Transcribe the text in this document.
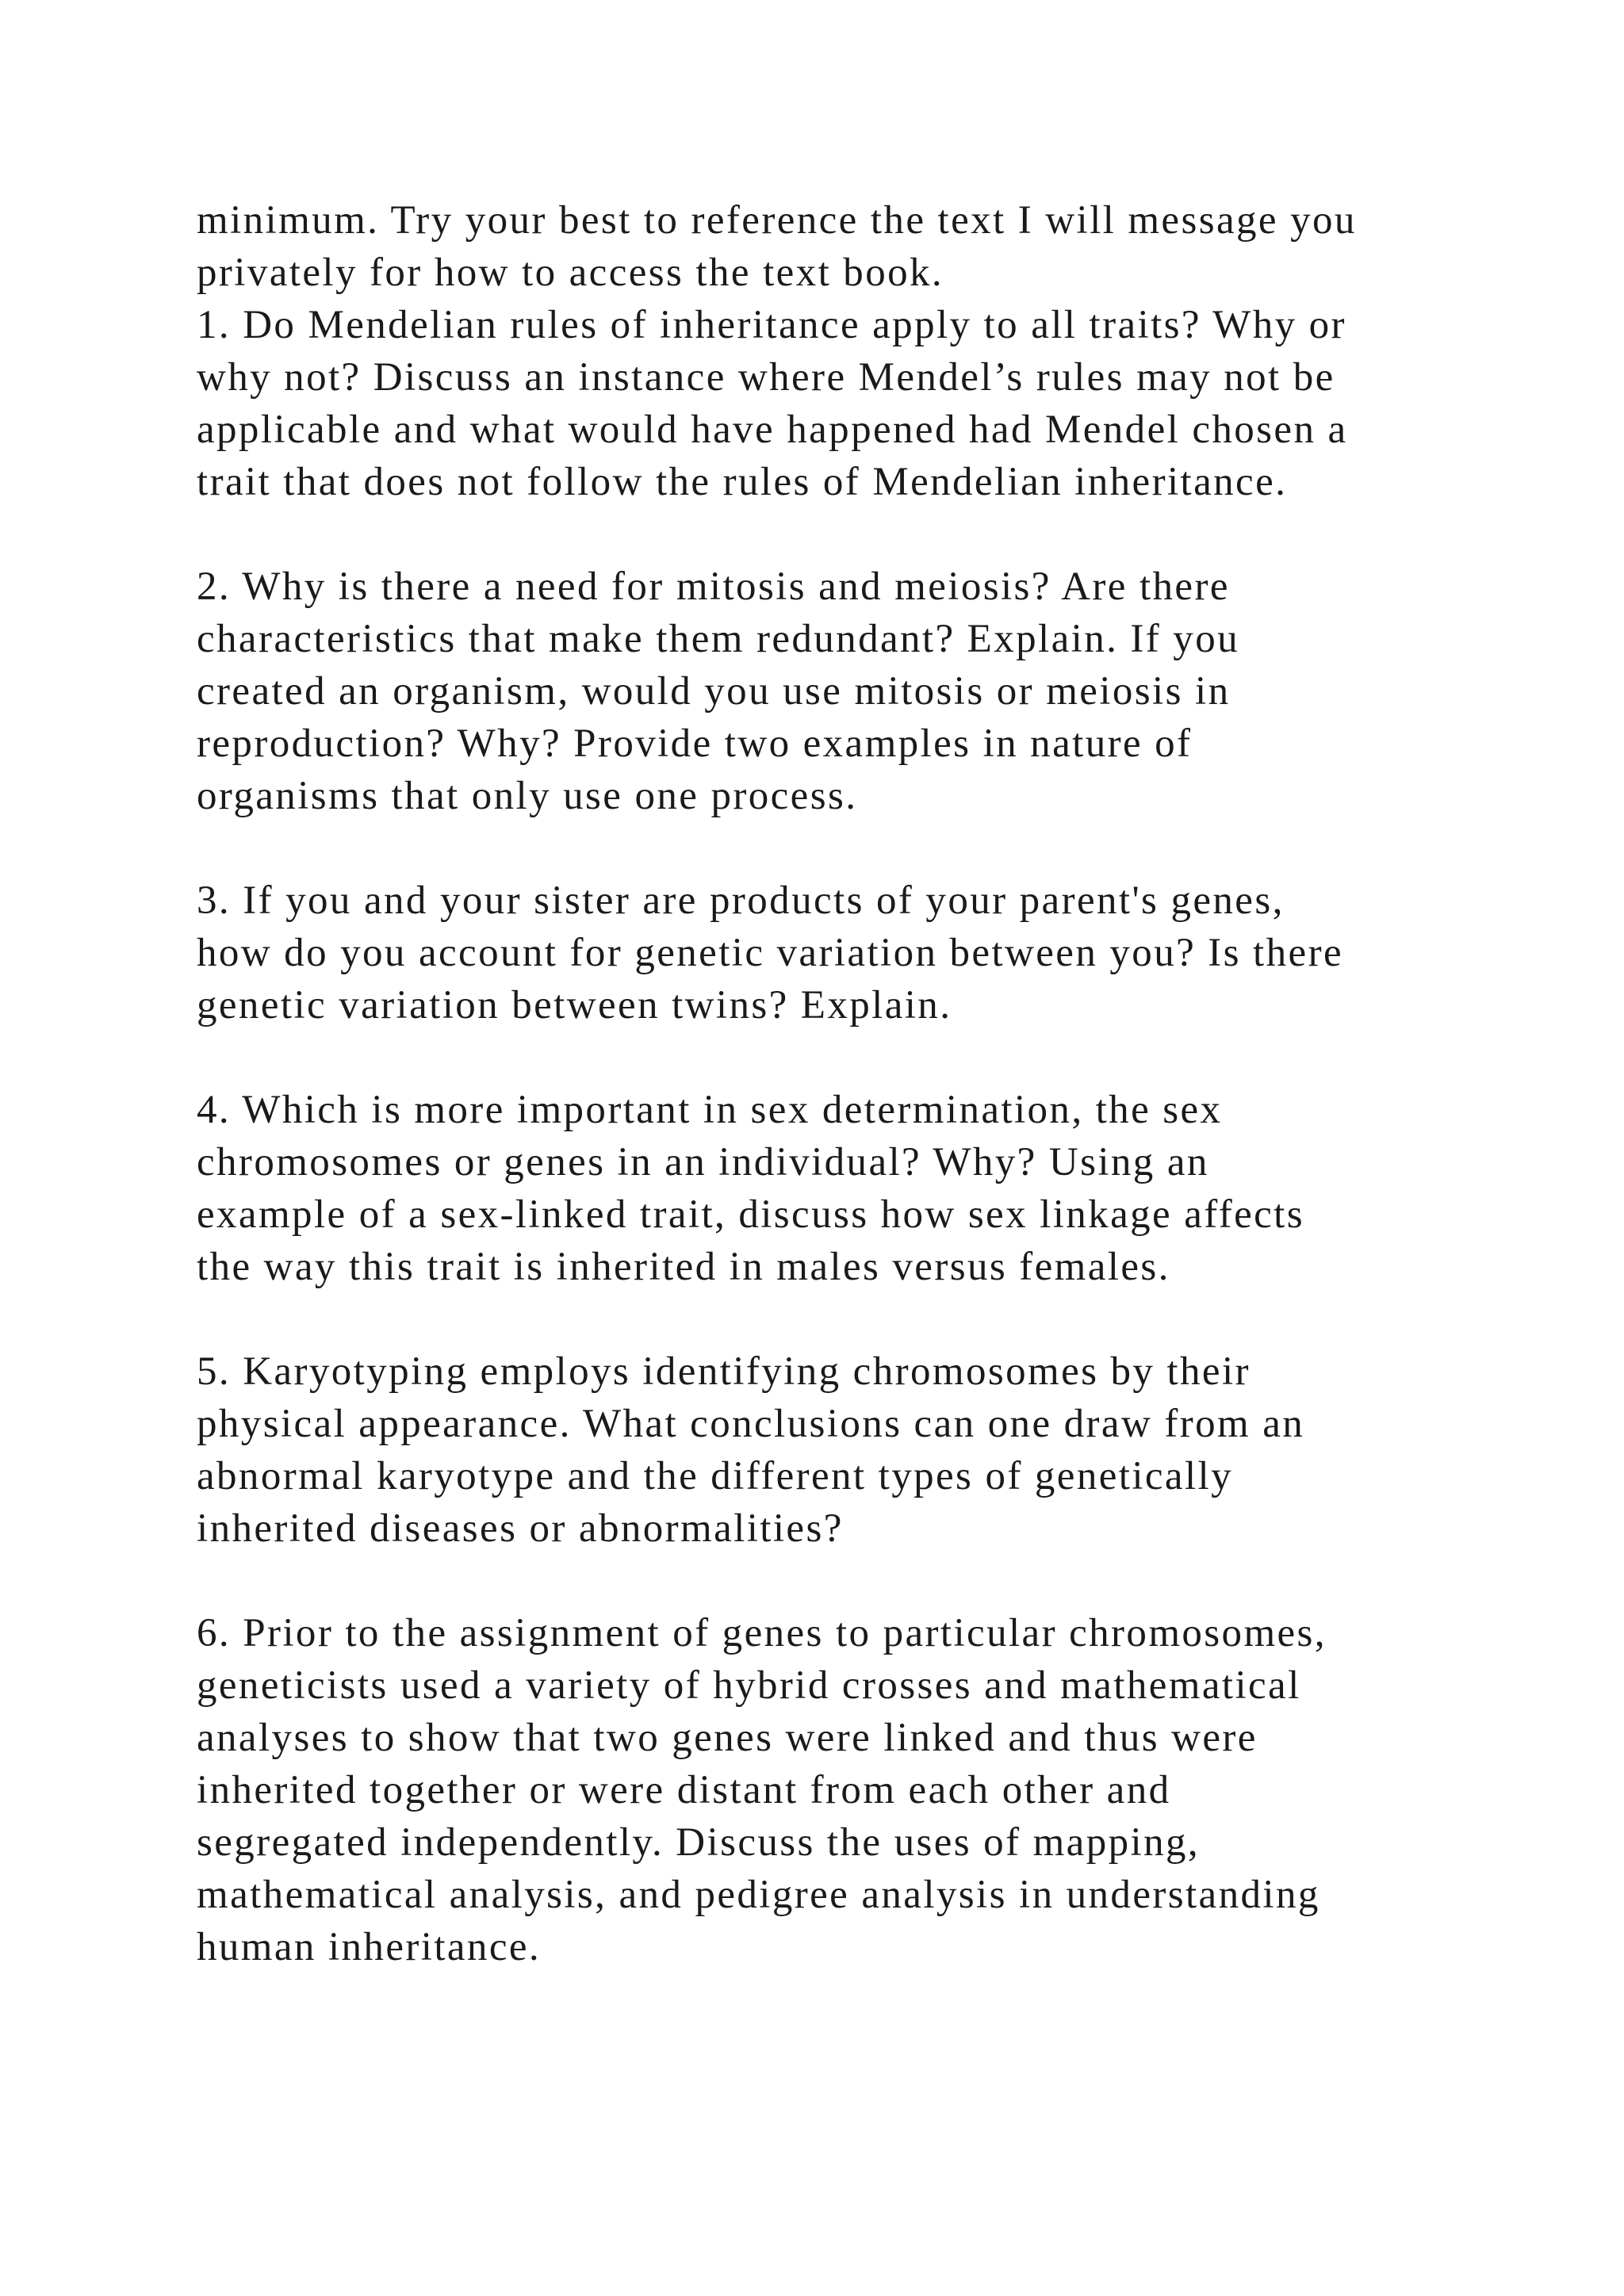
minimum. Try your best to reference the text I will message you
privately for how to access the text book.
1. Do Mendelian rules of inheritance apply to all traits? Why or
why not? Discuss an instance where Mendel’s rules may not be
applicable and what would have happened had Mendel chosen a
trait that does not follow the rules of Mendelian inheritance.
2. Why is there a need for mitosis and meiosis? Are there
characteristics that make them redundant? Explain. If you
created an organism, would you use mitosis or meiosis in
reproduction? Why? Provide two examples in nature of
organisms that only use one process.
3. If you and your sister are products of your parent's genes,
how do you account for genetic variation between you? Is there
genetic variation between twins? Explain.
4. Which is more important in sex determination, the sex
chromosomes or genes in an individual? Why? Using an
example of a sex-linked trait, discuss how sex linkage affects
the way this trait is inherited in males versus females.
5. Karyotyping employs identifying chromosomes by their
physical appearance. What conclusions can one draw from an
abnormal karyotype and the different types of genetically
inherited diseases or abnormalities?
6. Prior to the assignment of genes to particular chromosomes,
geneticists used a variety of hybrid crosses and mathematical
analyses to show that two genes were linked and thus were
inherited together or were distant from each other and
segregated independently. Discuss the uses of mapping,
mathematical analysis, and pedigree analysis in understanding
human inheritance.
